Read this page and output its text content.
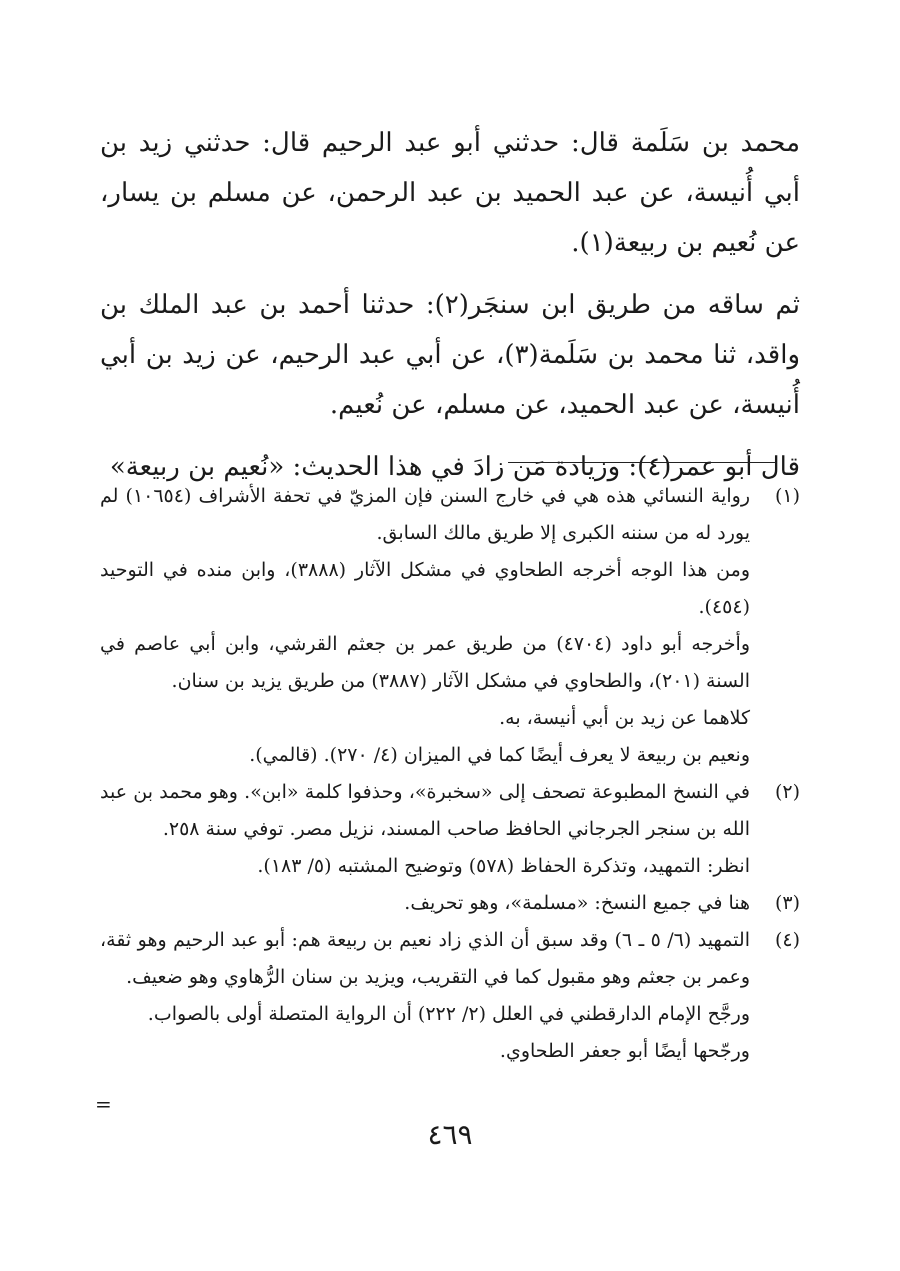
محمد بن سَلَمة قال: حدثني أبو عبد الرحيم قال: حدثني زيد بن أبي أُنيسة، عن عبد الحميد بن عبد الرحمن، عن مسلم بن يسار، عن نُعيم بن ربيعة(١).

ثم ساقه من طريق ابن سنجَر(٢): حدثنا أحمد بن عبد الملك بن واقد، ثنا محمد بن سَلَمة(٣)، عن أبي عبد الرحيم، عن زيد بن أبي أُنيسة، عن عبد الحميد، عن مسلم، عن نُعيم.

قال أبو عمر(٤): وزيادة مَن زادَ في هذا الحديث: «نُعيم بن ربيعة»

(١)

رواية النسائي هذه هي في خارج السنن فإن المزيّ في تحفة الأشراف (١٠٦٥٤) لم يورد له من سننه الكبرى إلا طريق مالك السابق.

ومن هذا الوجه أخرجه الطحاوي في مشكل الآثار (٣٨٨٨)، وابن منده في التوحيد (٤٥٤).

وأخرجه أبو داود (٤٧٠٤) من طريق عمر بن جعثم القرشي، وابن أبي عاصم في السنة (٢٠١)، والطحاوي في مشكل الآثار (٣٨٨٧) من طريق يزيد بن سنان.

كلاهما عن زيد بن أبي أنيسة، به.

ونعيم بن ربيعة لا يعرف أيضًا كما في الميزان (٤/ ٢٧٠). (قالمي).

(٢)

في النسخ المطبوعة تصحف إلى «سخبرة»، وحذفوا كلمة «ابن». وهو محمد بن عبد الله بن سنجر الجرجاني الحافظ صاحب المسند، نزيل مصر. توفي سنة ٢٥٨.

انظر: التمهيد، وتذكرة الحفاظ (٥٧٨) وتوضيح المشتبه (٥/ ١٨٣).

(٣)

هنا في جميع النسخ: «مسلمة»، وهو تحريف.

(٤)

التمهيد (٦/ ٥ ـ ٦) وقد سبق أن الذي زاد نعيم بن ربيعة هم: أبو عبد الرحيم وهو ثقة، وعمر بن جعثم وهو مقبول كما في التقريب، ويزيد بن سنان الرُّهاوي وهو ضعيف.

ورجَّح الإمام الدارقطني في العلل (٢/ ٢٢٢) أن الرواية المتصلة أولى بالصواب.

ورجّحها أيضًا أبو جعفر الطحاوي.

=
٤٦٩
